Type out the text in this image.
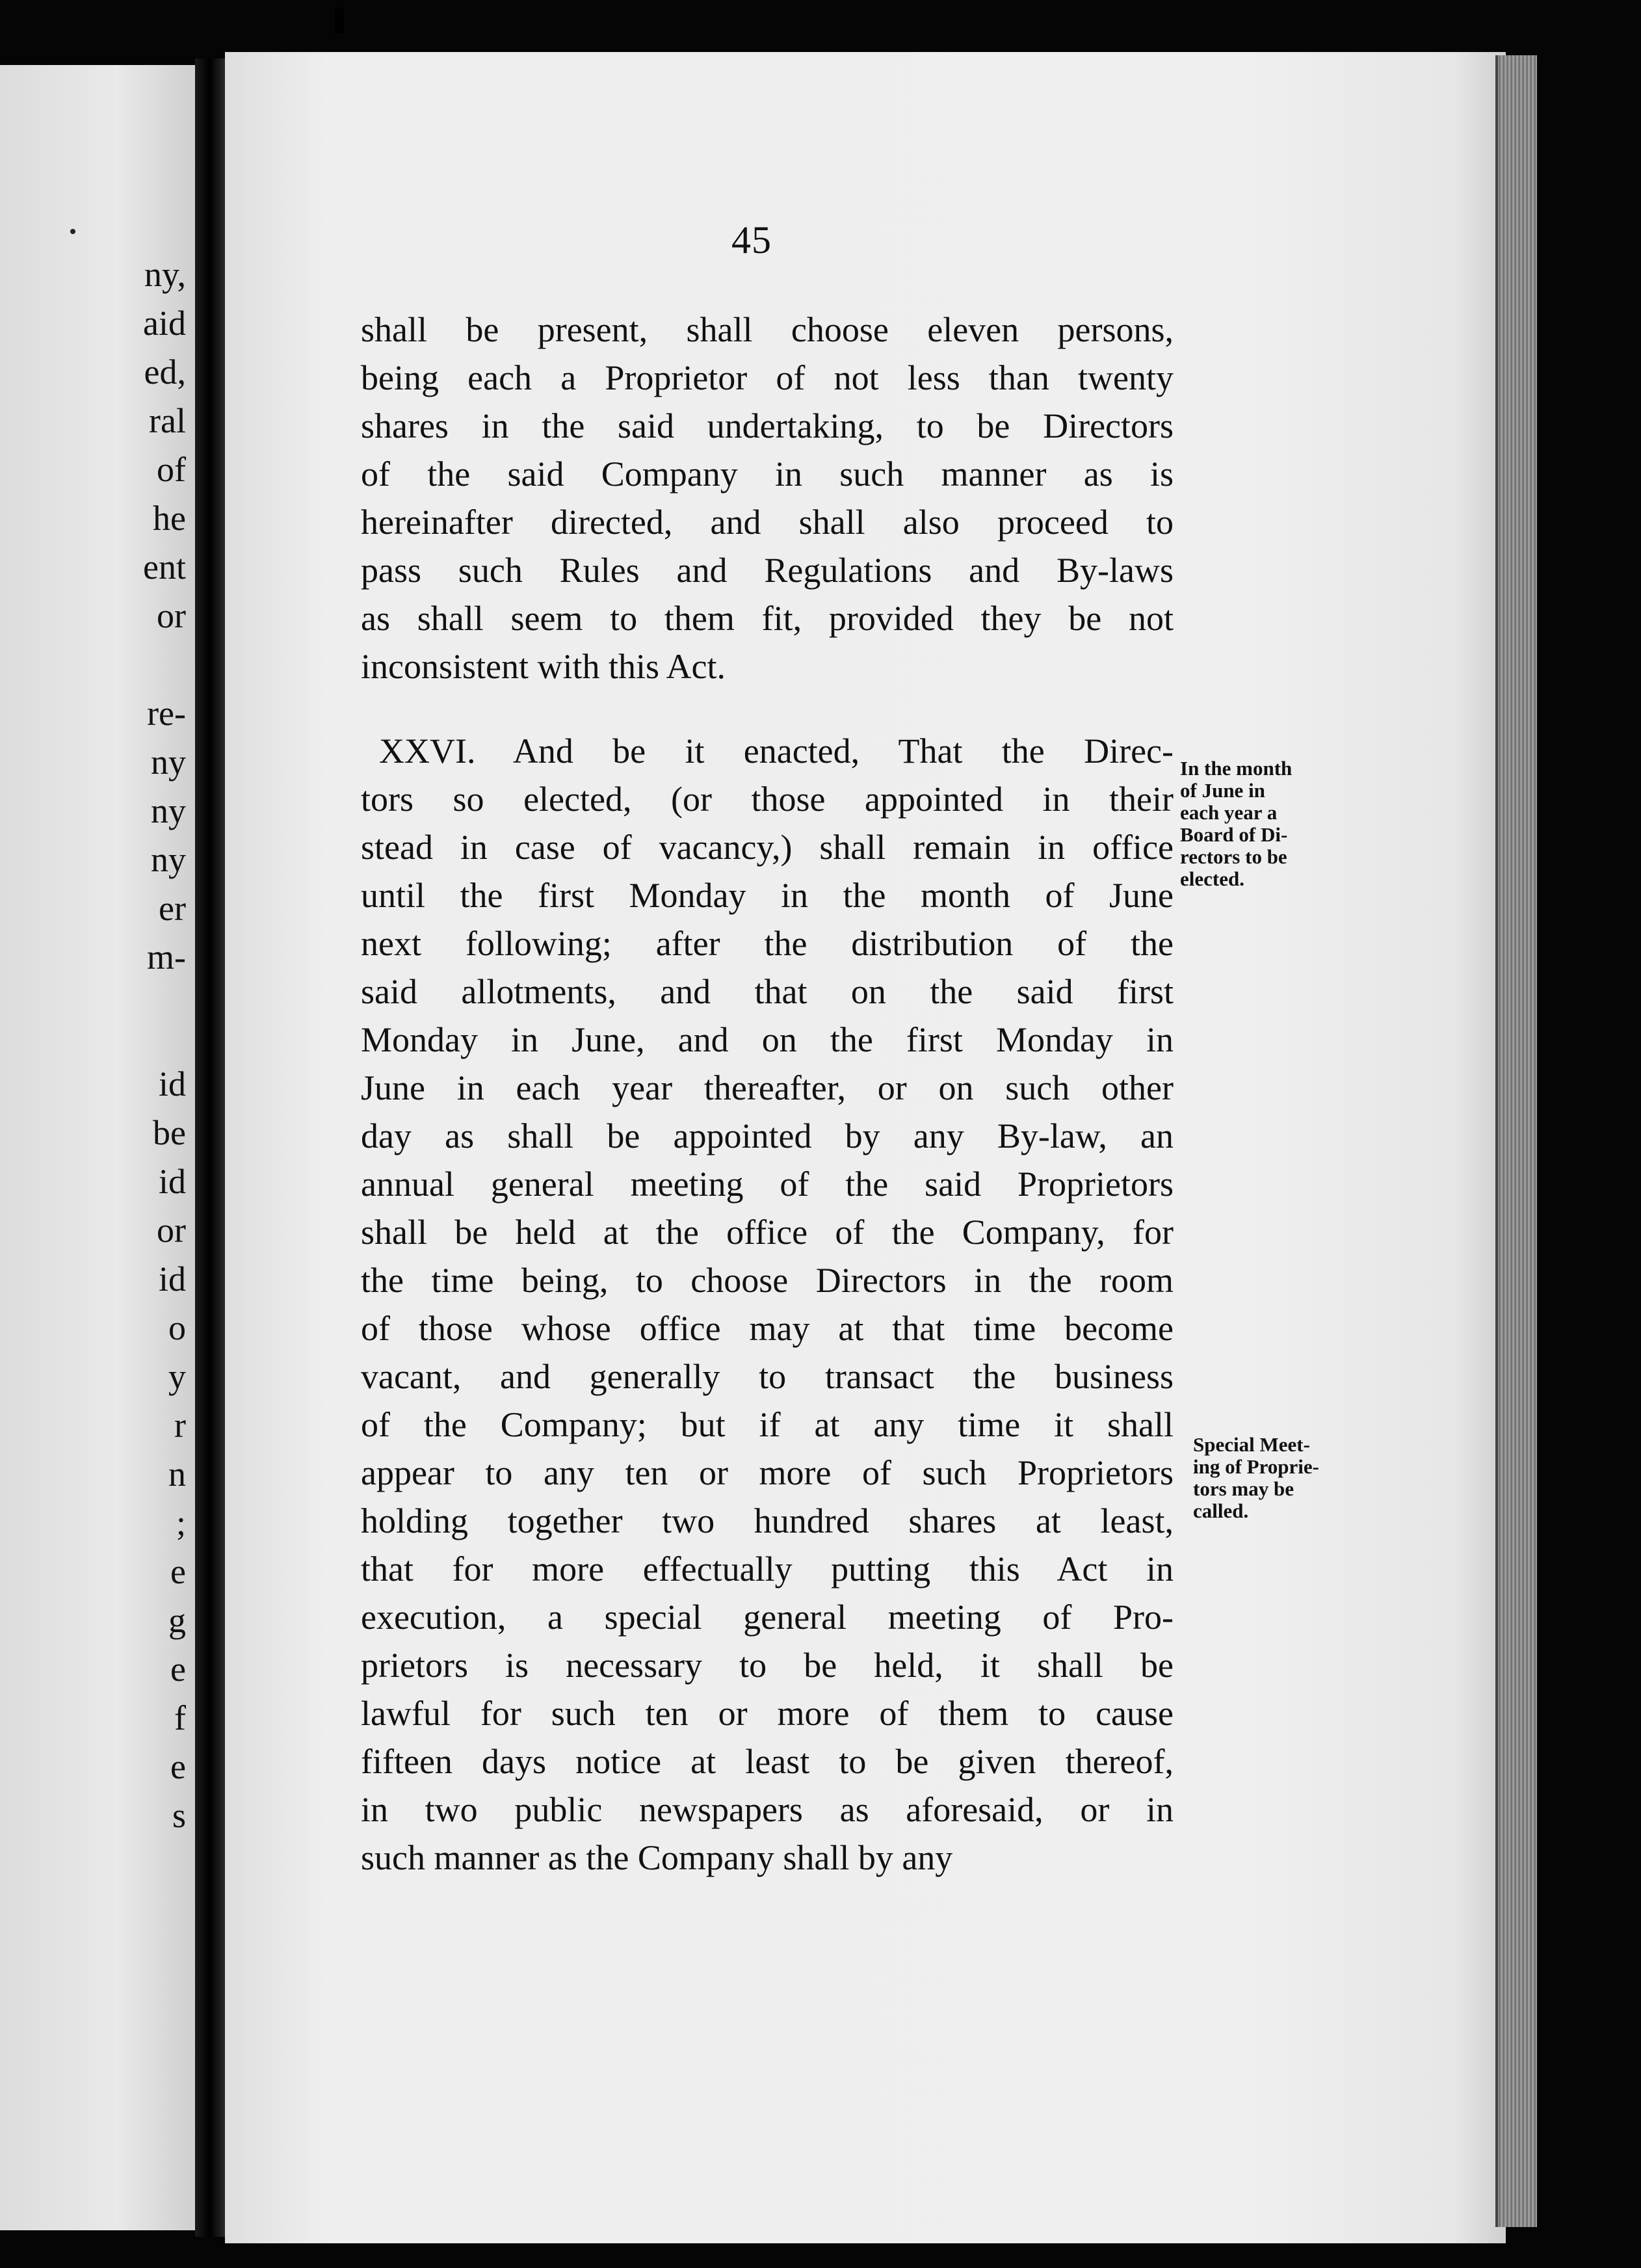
ny,
aid
ed,
ral
of
he
ent
or
re-
ny
ny
ny
er
m-
id
be
id
or
id
o
y
r
n
;
e
g
e
f
e
s
45
shall be present, shall choose eleven persons,
being each a Proprietor of not less than twenty
shares in the said undertaking, to be Directors
of the said Company in such manner as is
hereinafter directed, and shall also proceed to
pass such Rules and Regulations and By-laws
as shall seem to them fit, provided they be not
inconsistent with this Act.
XXVI. And be it enacted, That the Direc-
tors so elected, (or those appointed in their
stead in case of vacancy,) shall remain in office
until the first Monday in the month of June
next following; after the distribution of the
said allotments, and that on the said first
Monday in June, and on the first Monday in
June in each year thereafter, or on such other
day as shall be appointed by any By-law, an
annual general meeting of the said Proprietors
shall be held at the office of the Company, for
the time being, to choose Directors in the room
of those whose office may at that time become
vacant, and generally to transact the business
of the Company; but if at any time it shall
appear to any ten or more of such Proprietors
holding together two hundred shares at least,
that for more effectually putting this Act in
execution, a special general meeting of Pro-
prietors is necessary to be held, it shall be
lawful for such ten or more of them to cause
fifteen days notice at least to be given thereof,
in two public newspapers as aforesaid, or in
such manner as the Company shall by any
In the month
of June in
each year a
Board of Di-
rectors to be
elected.
Special Meet-
ing of Proprie-
tors may be
called.
